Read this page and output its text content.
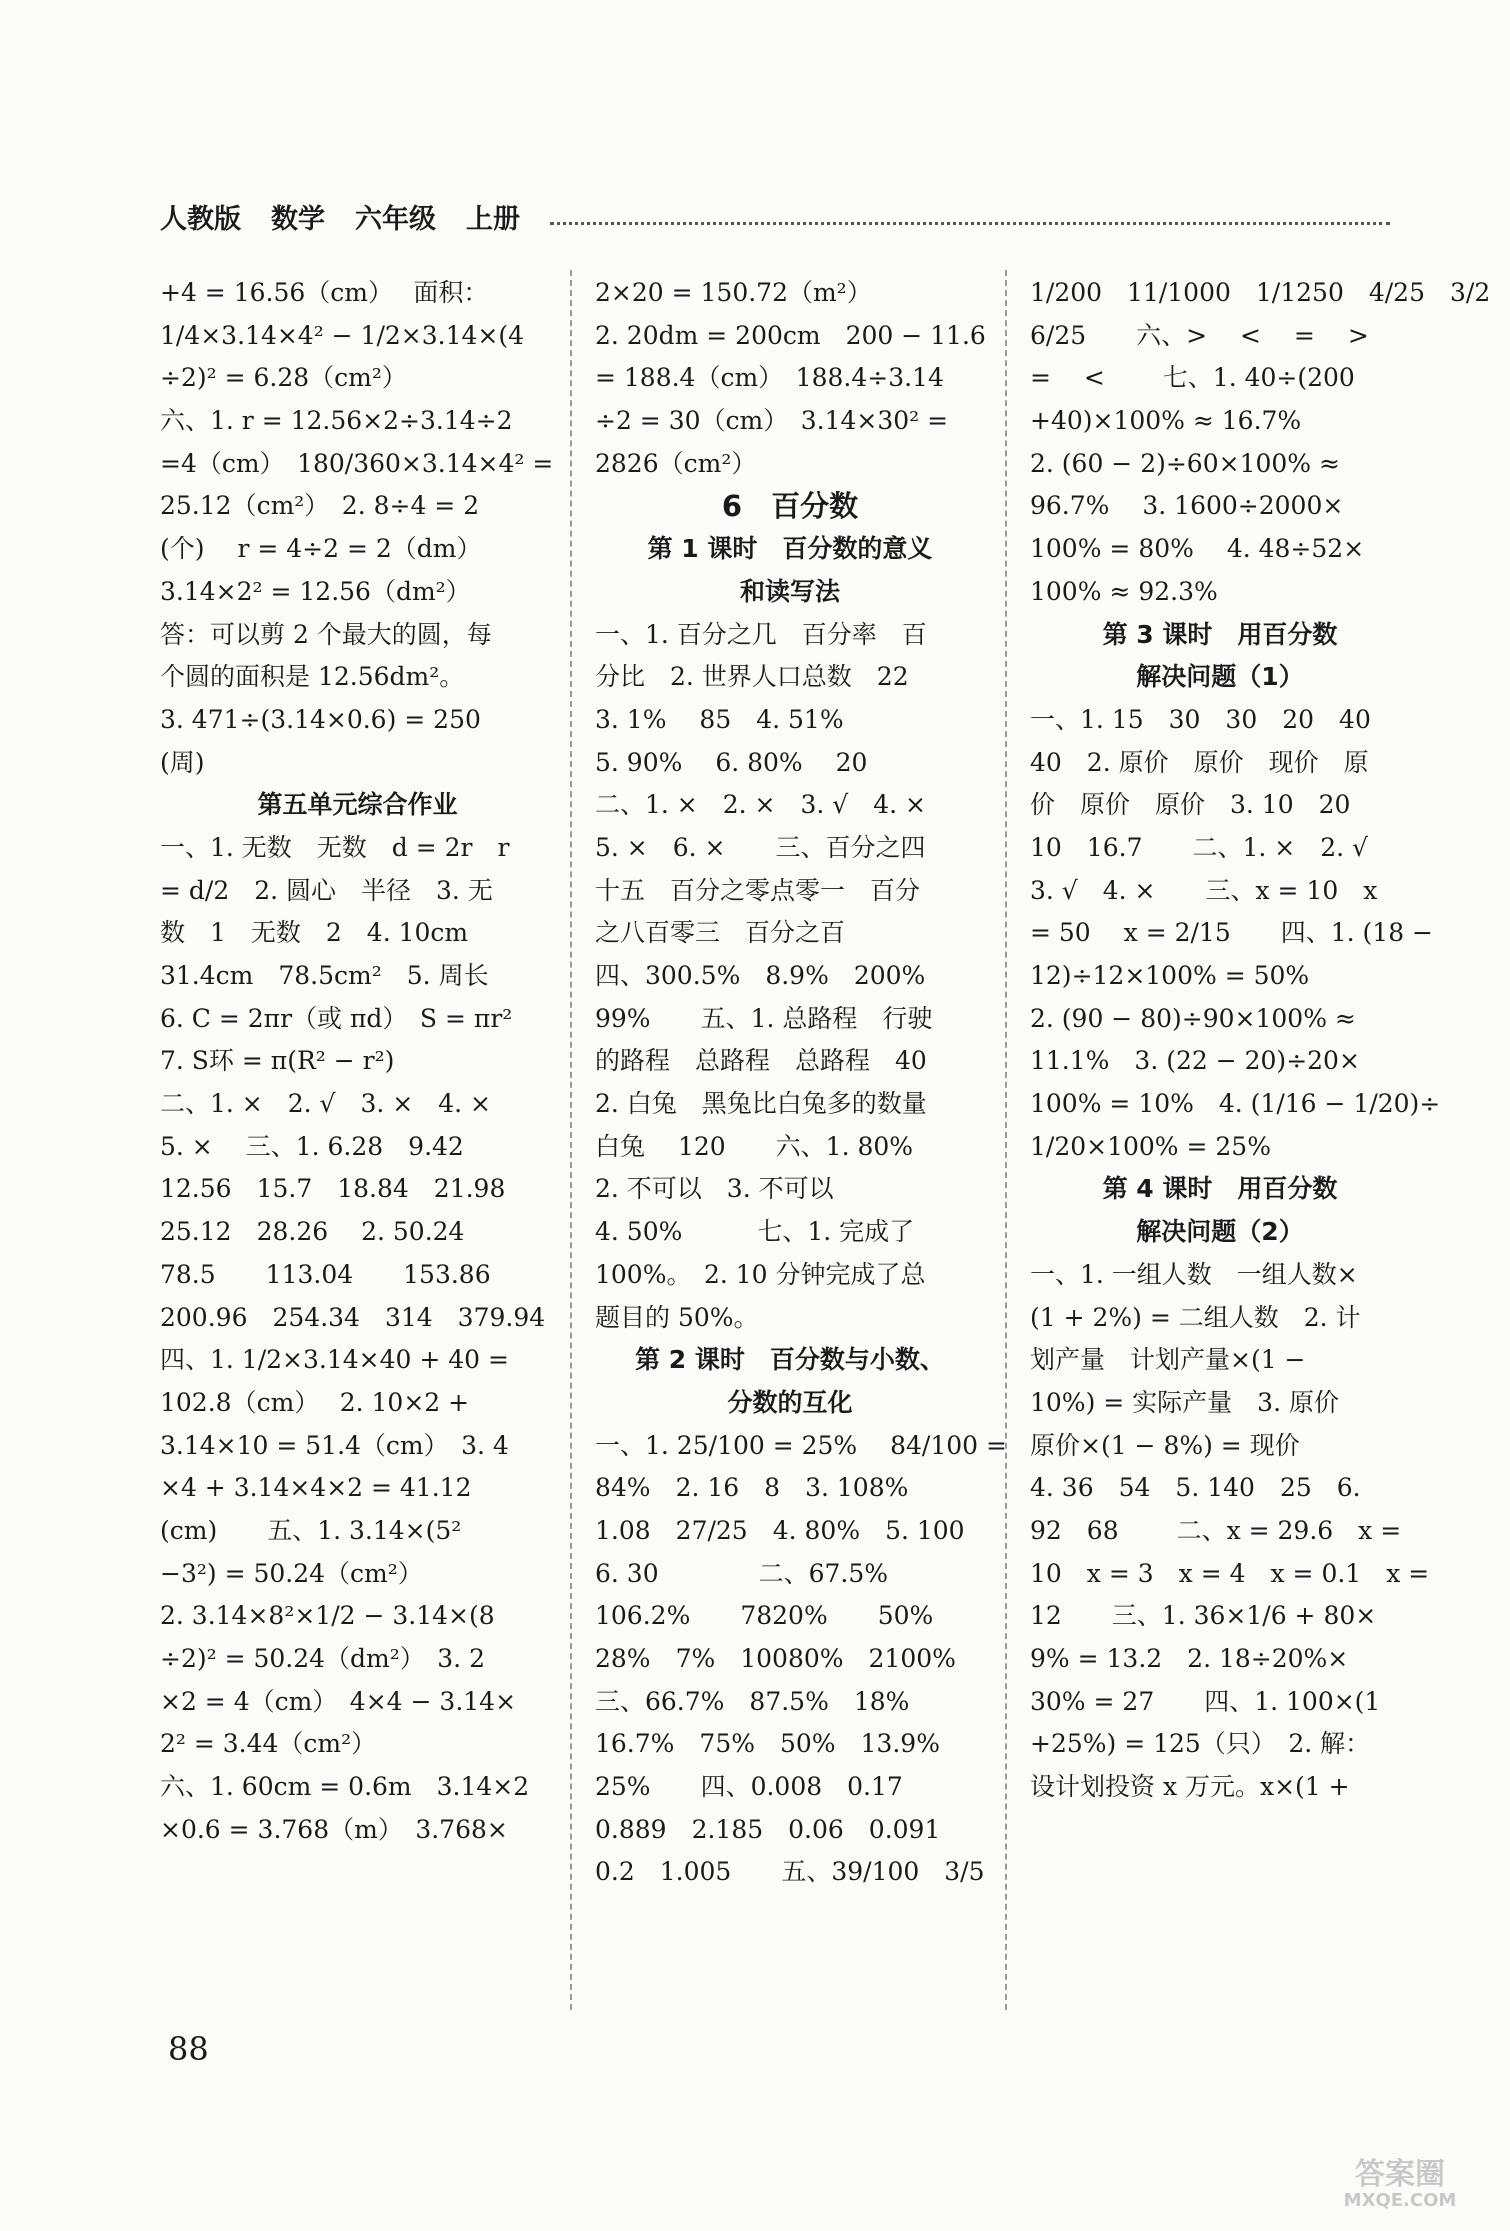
人教版 数学 六年级 上册
+4 = 16.56（cm）　 面积：
1/4×3.14×4² − 1/2×3.14×(4
÷2)² = 6.28（cm²）
六、1. r = 12.56×2÷3.14÷2
=4（cm）　180/360×3.14×4² =
25.12（cm²）　2. 8÷4 = 2
(个)　 r = 4÷2 = 2（dm）
3.14×2² = 12.56（dm²）
答：可以剪 2 个最大的圆，每
个圆的面积是 12.56dm²。
3. 471÷(3.14×0.6) = 250
(周)
第五单元综合作业
一、1. 无数　无数　d = 2r　r
= d/2　2. 圆心　半径　3. 无
数　1　无数　2　4. 10cm
31.4cm　78.5cm²　5. 周长
6. C = 2πr（或 πd）　S = πr²
7. S环 = π(R² − r²)
二、1. ×　2. √　3. ×　4. ×
5. ×　 三、1. 6.28　9.42
12.56　15.7　18.84　21.98
25.12　28.26　 2. 50.24
78.5　　113.04　　153.86
200.96　254.34　314　379.94
四、1. 1/2×3.14×40 + 40 =
102.8（cm）　 2. 10×2 +
3.14×10 = 51.4（cm）　3. 4
×4 + 3.14×4×2 = 41.12
(cm)　　五、1. 3.14×(5²
−3²) = 50.24（cm²）
2. 3.14×8²×1/2 − 3.14×(8
÷2)² = 50.24（dm²）　3. 2
×2 = 4（cm）　4×4 − 3.14×
2² = 3.44（cm²）
六、1. 60cm = 0.6m　3.14×2
×0.6 = 3.768（m）　3.768×
2×20 = 150.72（m²）
2. 20dm = 200cm　200 − 11.6
= 188.4（cm）　188.4÷3.14
÷2 = 30（cm）　3.14×30² =
2826（cm²）
6　百分数
第 1 课时　百分数的意义
和读写法
一、1. 百分之几　百分率　百
分比　2. 世界人口总数　22
3. 1%　 85　4. 51%
5. 90%　 6. 80%　 20
二、1. ×　2. ×　3. √　4. ×
5. ×　6. ×　　三、百分之四
十五　百分之零点零一　百分
之八百零三　百分之百
四、300.5%　8.9%　200%
99%　　五、1. 总路程　行驶
的路程　总路程　总路程　40
2. 白兔　黑兔比白兔多的数量
白兔　 120　　六、1. 80%
2. 不可以　3. 不可以
4. 50%　　　七、1. 完成了
100%。　2. 10 分钟完成了总
题目的 50%。
第 2 课时　百分数与小数、
分数的互化
一、1. 25/100 = 25%　 84/100 =
84%　2. 16　8　3. 108%
1.08　27/25　4. 80%　5. 100
6. 30　　　　二、67.5%
106.2%　　7820%　　50%
28%　7%　10080%　2100%
三、66.7%　87.5%　18%
16.7%　75%　50%　13.9%
25%　　四、0.008　0.17
0.889　2.185　0.06　0.091
0.2　1.005　　五、39/100　3/5
1/200　11/1000　1/1250　4/25　3/2
6/25　　六、>　 <　 =　 >
=　 <　　 七、1. 40÷(200
+40)×100% ≈ 16.7%
2. (60 − 2)÷60×100% ≈
96.7%　 3. 1600÷2000×
100% = 80%　 4. 48÷52×
100% ≈ 92.3%
第 3 课时　用百分数
解决问题（1）
一、1. 15　30　30　20　40
40　2. 原价　原价　现价　原
价　原价　原价　3. 10　20
10　16.7　　二、1. ×　2. √
3. √　4. ×　　三、x = 10　x
= 50　 x = 2/15　　四、1. (18 −
12)÷12×100% = 50%
2. (90 − 80)÷90×100% ≈
11.1%　3. (22 − 20)÷20×
100% = 10%　4. (1/16 − 1/20)÷
1/20×100% = 25%
第 4 课时　用百分数
解决问题（2）
一、1. 一组人数　一组人数×
(1 + 2%) = 二组人数　2. 计
划产量　计划产量×(1 −
10%) = 实际产量　3. 原价
原价×(1 − 8%) = 现价
4. 36　54　5. 140　25　6.
92　68　　 二、x = 29.6　x =
10　x = 3　x = 4　x = 0.1　x =
12　　三、1. 36×1/6 + 80×
9% = 13.2　2. 18÷20%×
30% = 27　　四、1. 100×(1
+25%) = 125（只）　2. 解：
设计划投资 x 万元。x×(1 +
88
答案圈
MXQE.COM
